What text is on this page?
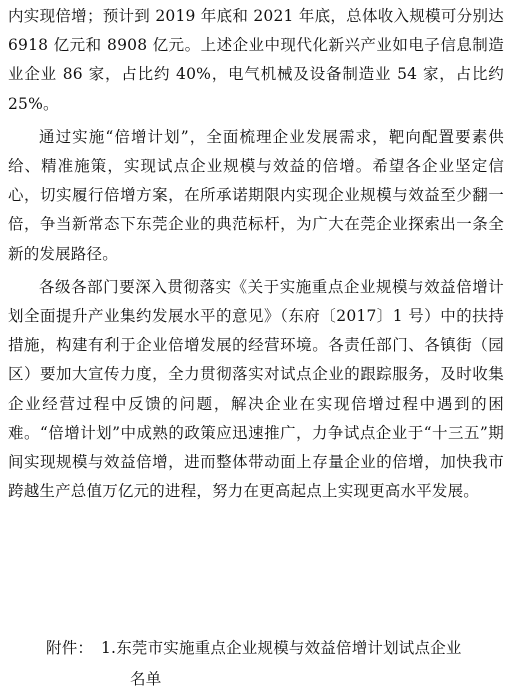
内实现倍增；预计到 2019 年底和 2021 年底，总体收入规模可分别达 6918 亿元和 8908 亿元。上述企业中现代化新兴产业如电子信息制造业企业 86 家，占比约 40%，电气机械及设备制造业 54 家，占比约 25%。

通过实施“倍增计划”，全面梳理企业发展需求，靶向配置要素供给、精准施策，实现试点企业规模与效益的倍增。希望各企业坚定信心，切实履行倍增方案，在所承诺期限内实现企业规模与效益至少翻一倍，争当新常态下东莞企业的典范标杆，为广大在莞企业探索出一条全新的发展路径。

各级各部门要深入贯彻落实《关于实施重点企业规模与效益倍增计划全面提升产业集约发展水平的意见》（东府〔2017〕1 号）中的扶持措施，构建有利于企业倍增发展的经营环境。各责任部门、各镇街（园区）要加大宣传力度，全力贯彻落实对试点企业的跟踪服务，及时收集企业经营过程中反馈的问题，解决企业在实现倍增过程中遇到的困难。“倍增计划”中成熟的政策应迅速推广，力争试点企业于“十三五”期间实现规模与效益倍增，进而整体带动面上存量企业的倍增，加快我市跨越生产总值万亿元的进程，努力在更高起点上实现更高水平发展。

附件： 1.东莞市实施重点企业规模与效益倍增计划试点企业
名单
